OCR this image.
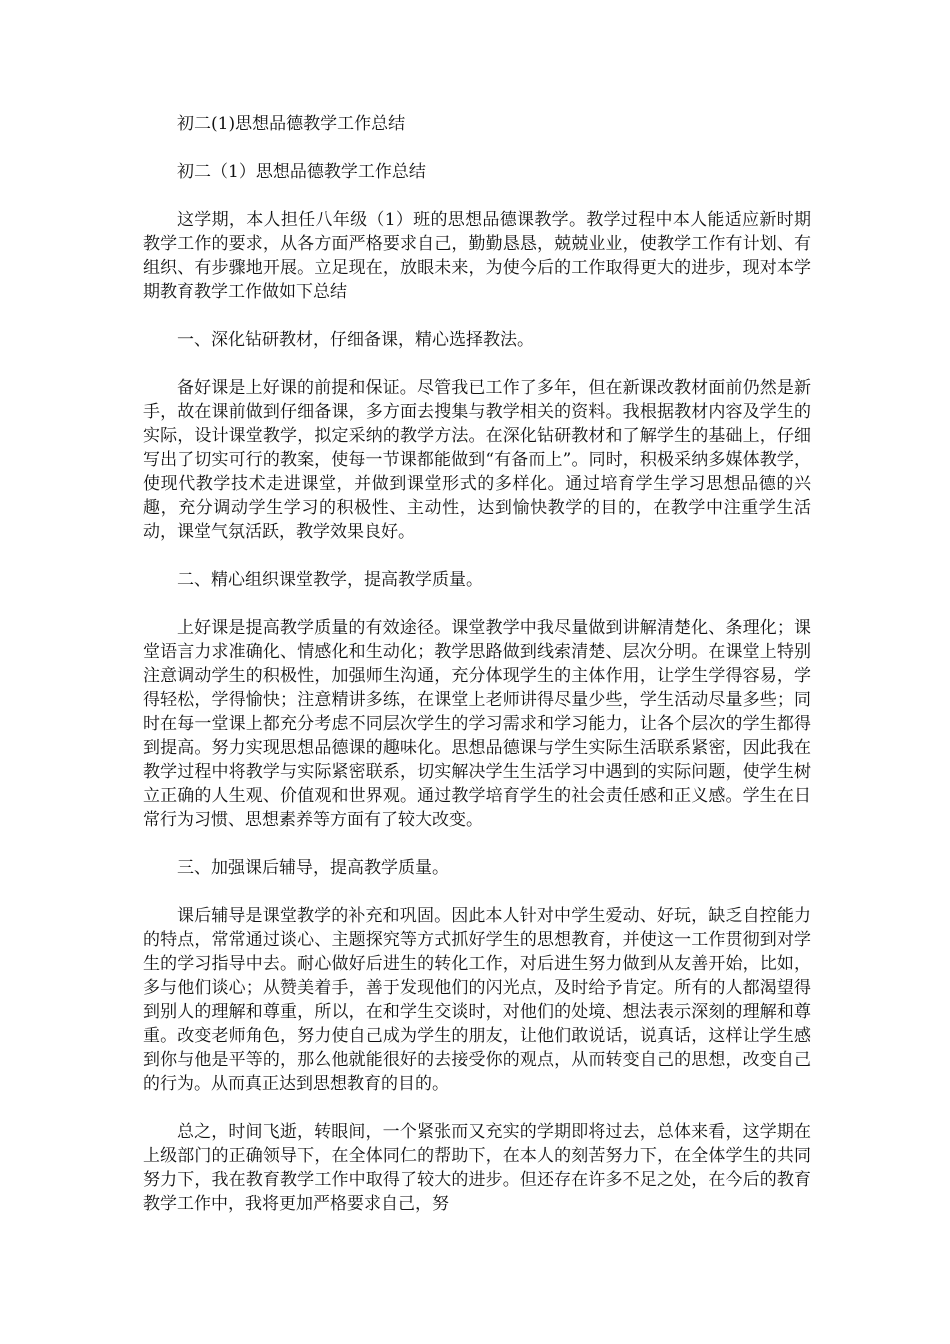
初二(1)思想品德教学工作总结

初二（1）思想品德教学工作总结

这学期，本人担任八年级（1）班的思想品德课教学。教学过程中本人能适应新时期教学工作的要求，从各方面严格要求自己，勤勤恳恳，兢兢业业，使教学工作有计划、有组织、有步骤地开展。立足现在，放眼未来，为使今后的工作取得更大的进步，现对本学期教育教学工作做如下总结

一、深化钻研教材，仔细备课，精心选择教法。

备好课是上好课的前提和保证。尽管我已工作了多年，但在新课改教材面前仍然是新手，故在课前做到仔细备课，多方面去搜集与教学相关的资料。我根据教材内容及学生的实际，设计课堂教学，拟定采纳的教学方法。在深化钻研教材和了解学生的基础上，仔细写出了切实可行的教案，使每一节课都能做到“有备而上”。同时，积极采纳多媒体教学，使现代教学技术走进课堂，并做到课堂形式的多样化。通过培育学生学习思想品德的兴趣，充分调动学生学习的积极性、主动性，达到愉快教学的目的，在教学中注重学生活动，课堂气氛活跃，教学效果良好。

二、精心组织课堂教学，提高教学质量。

上好课是提高教学质量的有效途径。课堂教学中我尽量做到讲解清楚化、条理化；课堂语言力求准确化、情感化和生动化；教学思路做到线索清楚、层次分明。在课堂上特别注意调动学生的积极性，加强师生沟通，充分体现学生的主体作用，让学生学得容易，学得轻松，学得愉快；注意精讲多练，在课堂上老师讲得尽量少些，学生活动尽量多些；同时在每一堂课上都充分考虑不同层次学生的学习需求和学习能力，让各个层次的学生都得到提高。努力实现思想品德课的趣味化。思想品德课与学生实际生活联系紧密，因此我在教学过程中将教学与实际紧密联系，切实解决学生生活学习中遇到的实际问题，使学生树立正确的人生观、价值观和世界观。通过教学培育学生的社会责任感和正义感。学生在日常行为习惯、思想素养等方面有了较大改变。

三、加强课后辅导，提高教学质量。

课后辅导是课堂教学的补充和巩固。因此本人针对中学生爱动、好玩，缺乏自控能力的特点，常常通过谈心、主题探究等方式抓好学生的思想教育，并使这一工作贯彻到对学生的学习指导中去。耐心做好后进生的转化工作，对后进生努力做到从友善开始，比如，多与他们谈心；从赞美着手，善于发现他们的闪光点，及时给予肯定。所有的人都渴望得到别人的理解和尊重，所以，在和学生交谈时，对他们的处境、想法表示深刻的理解和尊重。改变老师角色，努力使自己成为学生的朋友，让他们敢说话，说真话，这样让学生感到你与他是平等的，那么他就能很好的去接受你的观点，从而转变自己的思想，改变自己的行为。从而真正达到思想教育的目的。

总之，时间飞逝，转眼间，一个紧张而又充实的学期即将过去，总体来看，这学期在上级部门的正确领导下，在全体同仁的帮助下，在本人的刻苦努力下，在全体学生的共同努力下，我在教育教学工作中取得了较大的进步。但还存在许多不足之处，在今后的教育教学工作中，我将更加严格要求自己，努
